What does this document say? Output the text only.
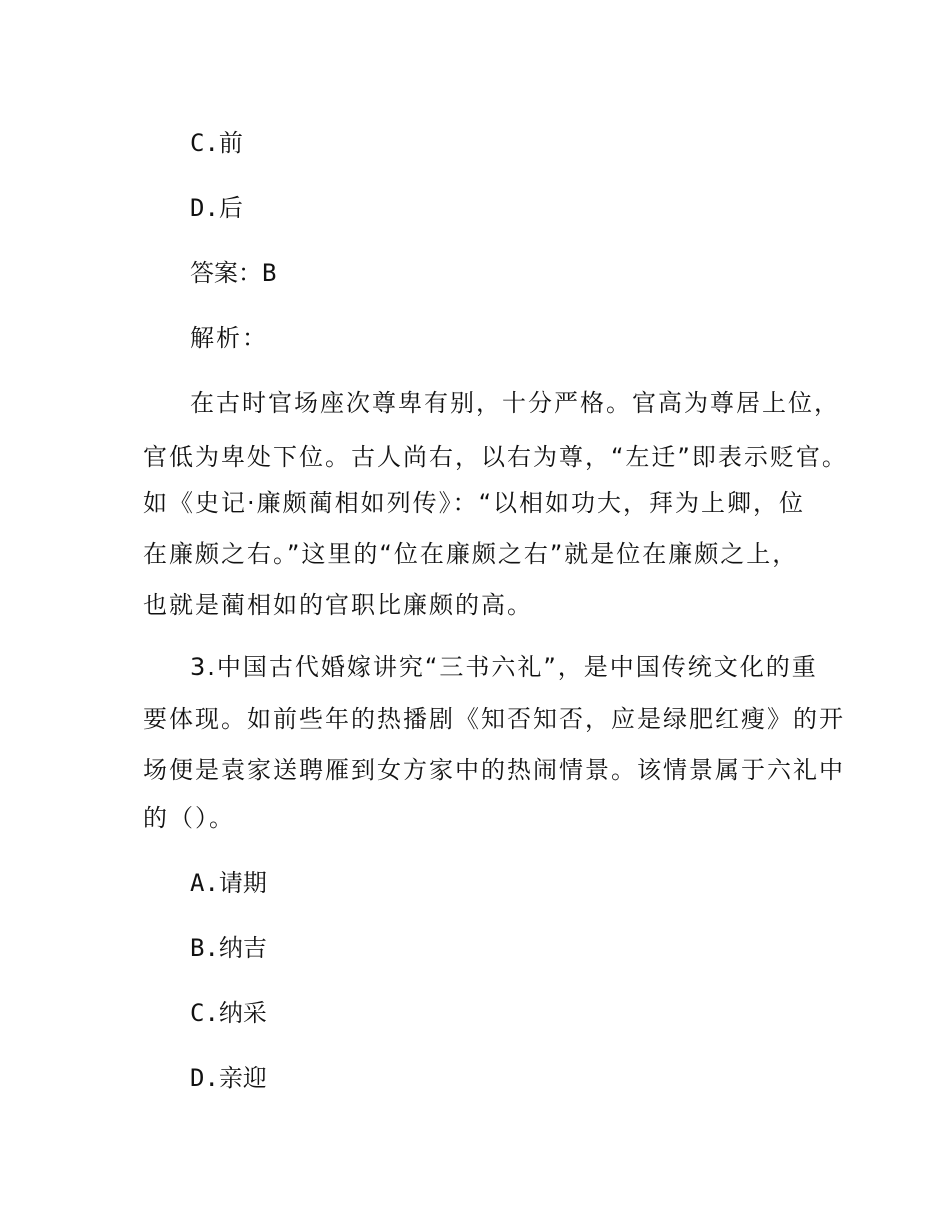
C.前
D.后
答案：B
解析：
在古时官场座次尊卑有别，十分严格。官高为尊居上位，
官低为卑处下位。古人尚右，以右为尊，“左迁”即表示贬官。
如《史记·廉颇蔺相如列传》：“以相如功大，拜为上卿，位
在廉颇之右。”这里的“位在廉颇之右”就是位在廉颇之上，
也就是蔺相如的官职比廉颇的高。
3.中国古代婚嫁讲究“三书六礼”，是中国传统文化的重
要体现。如前些年的热播剧《知否知否，应是绿肥红瘦》的开
场便是袁家送聘雁到女方家中的热闹情景。该情景属于六礼中
的（）。
A.请期
B.纳吉
C.纳采
D.亲迎
